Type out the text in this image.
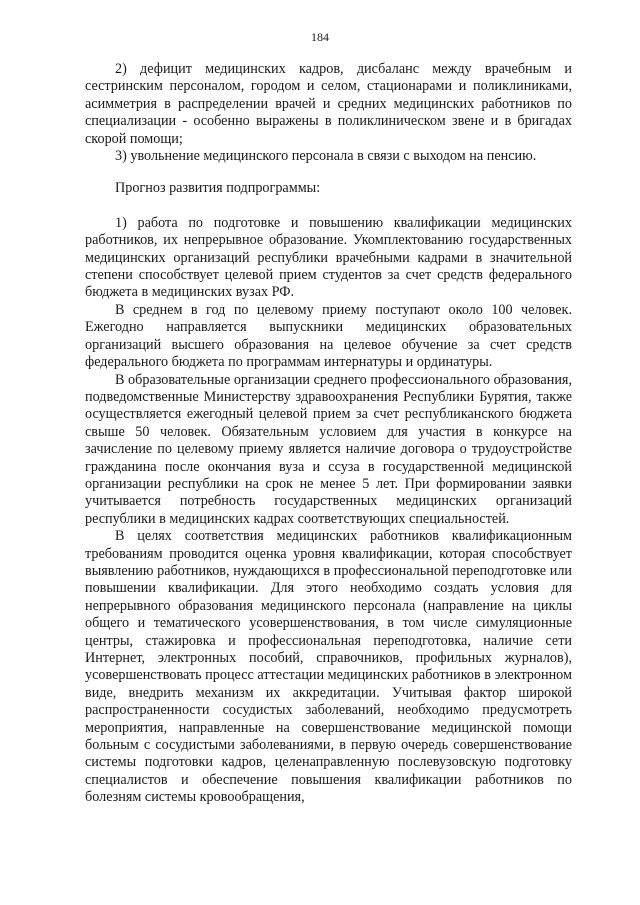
184

2) дефицит медицинских кадров, дисбаланс между врачебным и сестринским персоналом, городом и селом, стационарами и поликлиниками, асимметрия в распределении врачей и средних медицинских работников по специализации - особенно выражены в поликлиническом звене и в бригадах скорой помощи;

3) увольнение медицинского персонала в связи с выходом на пенсию.

Прогноз развития подпрограммы:

1) работа по подготовке и повышению квалификации медицинских работников, их непрерывное образование. Укомплектованию государственных медицинских организаций республики врачебными кадрами в значительной степени способствует целевой прием студентов за счет средств федерального бюджета в медицинских вузах РФ.

В среднем в год по целевому приему поступают около 100 человек. Ежегодно направляется выпускники медицинских образовательных организаций высшего образования на целевое обучение за счет средств федерального бюджета по программам интернатуры и ординатуры.

В образовательные организации среднего профессионального образования, подведомственные Министерству здравоохранения Республики Бурятия, также осуществляется ежегодный целевой прием за счет республиканского бюджета свыше 50 человек. Обязательным условием для участия в конкурсе на зачисление по целевому приему является наличие договора о трудоустройстве гражданина после окончания вуза и ссуза в государственной медицинской организации республики на срок не менее 5 лет. При формировании заявки учитывается потребность государственных медицинских организаций республики в медицинских кадрах соответствующих специальностей.

В целях соответствия медицинских работников квалификационным требованиям проводится оценка уровня квалификации, которая способствует выявлению работников, нуждающихся в профессиональной переподготовке или повышении квалификации. Для этого необходимо создать условия для непрерывного образования медицинского персонала (направление на циклы общего и тематического усовершенствования, в том числе симуляционные центры, стажировка и профессиональная переподготовка, наличие сети Интернет, электронных пособий, справочников, профильных журналов), усовершенствовать процесс аттестации медицинских работников в электронном виде, внедрить механизм их аккредитации. Учитывая фактор широкой распространенности сосудистых заболеваний, необходимо предусмотреть мероприятия, направленные на совершенствование медицинской помощи больным с сосудистыми заболеваниями, в первую очередь совершенствование системы подготовки кадров, целенаправленную послевузовскую подготовку специалистов и обеспечение повышения квалификации работников по болезням системы кровообращения,
